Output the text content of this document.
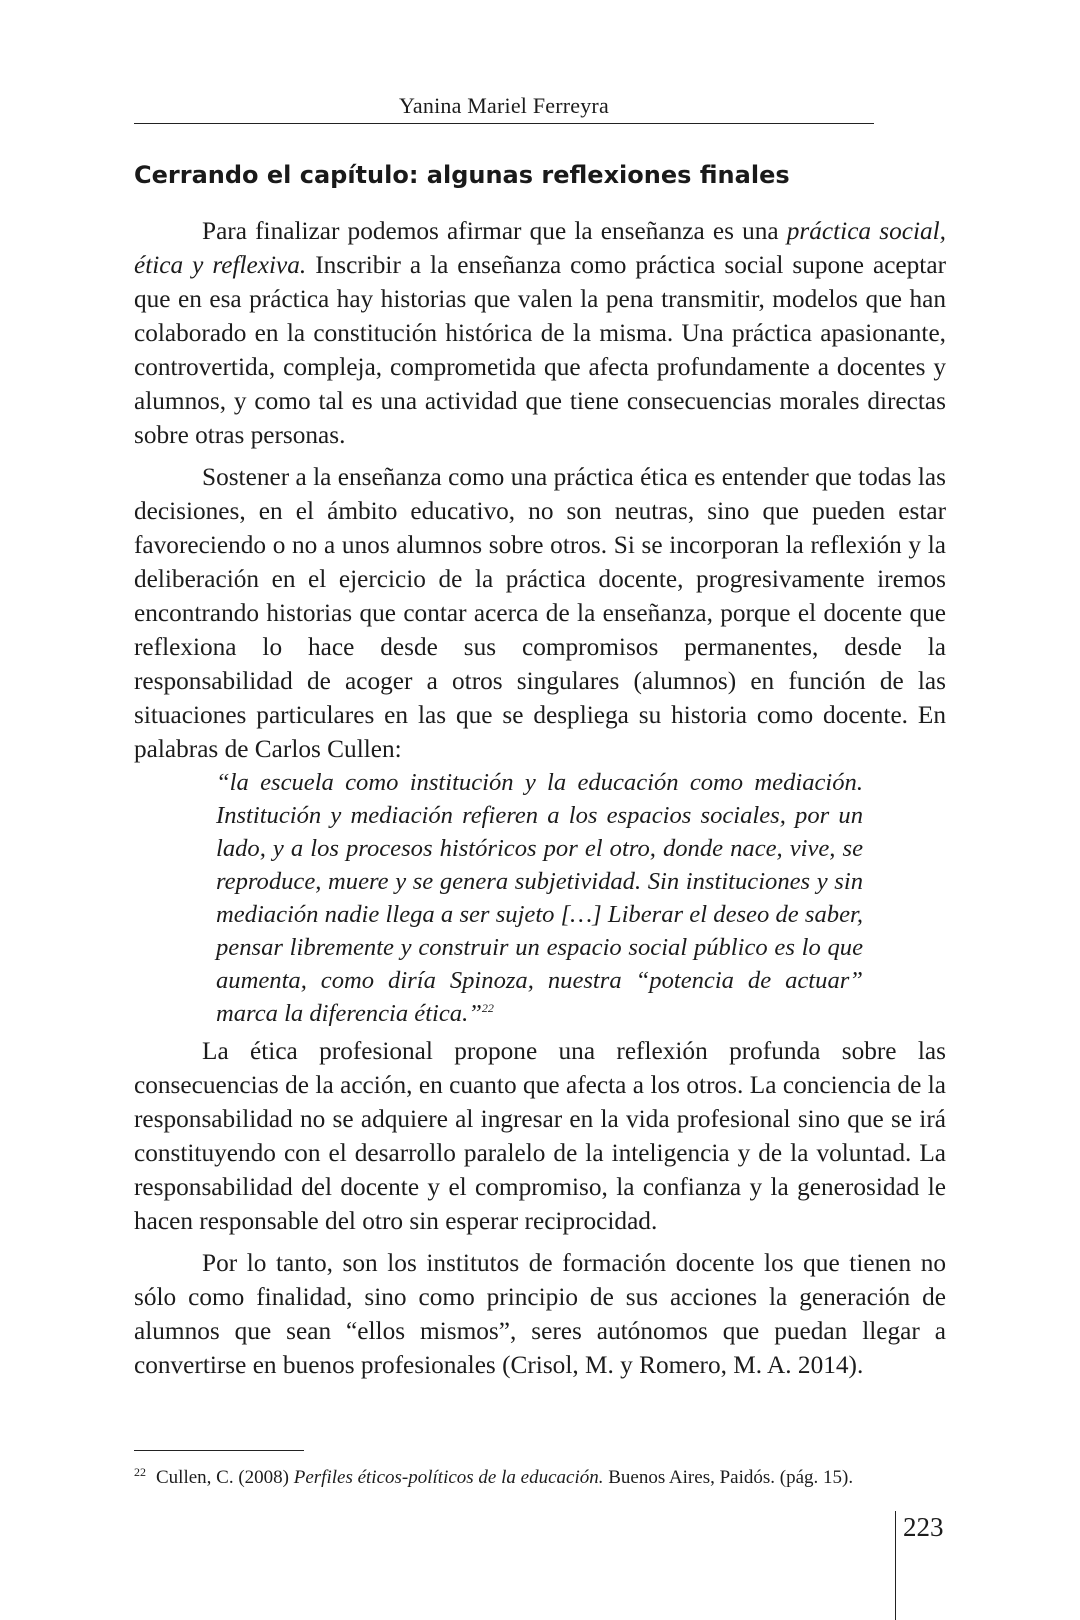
Yanina Mariel Ferreyra
Cerrando el capítulo: algunas reflexiones finales

Para finalizar podemos afirmar que la enseñanza es una práctica social, ética y reflexiva. Inscribir a la enseñanza como práctica social supone aceptar que en esa práctica hay historias que valen la pena transmitir, modelos que han colaborado en la constitución histórica de la misma. Una práctica apasionante, controvertida, compleja, comprometida que afecta profundamente a docentes y alumnos, y como tal es una actividad que tiene consecuencias morales directas sobre otras personas.

Sostener a la enseñanza como una práctica ética es entender que todas las decisiones, en el ámbito educativo, no son neutras, sino que pueden estar favoreciendo o no a unos alumnos sobre otros. Si se incorporan la reflexión y la deliberación en el ejercicio de la práctica docente, progresivamente iremos encontrando historias que contar acerca de la enseñanza, porque el docente que reflexiona lo hace desde sus compromisos permanentes, desde la responsabilidad de acoger a otros singulares (alumnos) en función de las situaciones particulares en las que se despliega su historia como docente. En palabras de Carlos Cullen:

“la escuela como institución y la educación como mediación. Institución y mediación refieren a los espacios sociales, por un lado, y a los procesos históricos por el otro, donde nace, vive, se reproduce, muere y se genera subjetividad. Sin instituciones y sin mediación nadie llega a ser sujeto […] Liberar el deseo de saber, pensar libremente y construir un espacio social público es lo que aumenta, como diría Spinoza, nuestra “potencia de actuar” marca la diferencia ética.”$^{22}$

La ética profesional propone una reflexión profunda sobre las consecuencias de la acción, en cuanto que afecta a los otros. La conciencia de la responsabilidad no se adquiere al ingresar en la vida profesional sino que se irá constituyendo con el desarrollo paralelo de la inteligencia y de la voluntad. La responsabilidad del docente y el compromiso, la confianza y la generosidad le hacen responsable del otro sin esperar reciprocidad.

Por lo tanto, son los institutos de formación docente los que tienen no sólo como finalidad, sino como principio de sus acciones la generación de alumnos que sean “ellos mismos”, seres autónomos que puedan llegar a convertirse en buenos profesionales (Crisol, M. y Romero, M. A. 2014).

$^{22}$ Cullen, C. (2008) Perfiles éticos-políticos de la educación. Buenos Aires, Paidós. (pág. 15).
223
